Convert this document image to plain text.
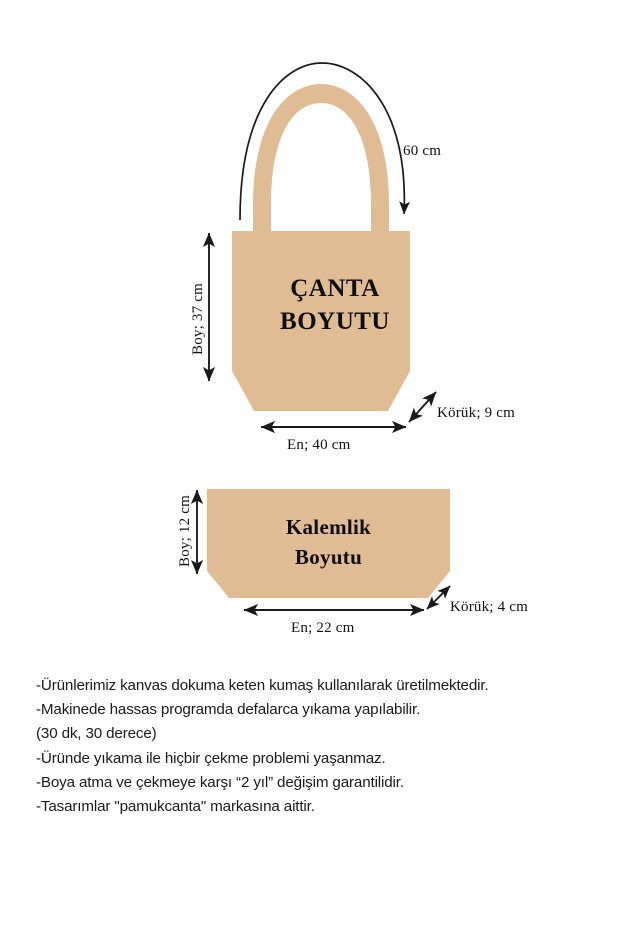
ÇANTA
BOYUTU
Kalemlik
Boyutu
60 cm
Boy; 37 cm
En; 40 cm
Körük; 9 cm
Boy; 12 cm
En; 22 cm
Körük; 4 cm
-Ürünlerimiz kanvas dokuma keten kumaş kullanılarak üretilmektedir.
-Makinede hassas programda defalarca yıkama yapılabilir.
(30 dk, 30 derece)
-Üründe yıkama ile hiçbir çekme problemi yaşanmaz.
-Boya atma ve çekmeye karşı “2 yıl” değişim garantilidir.
-Tasarımlar "pamukcanta" markasına aittir.
